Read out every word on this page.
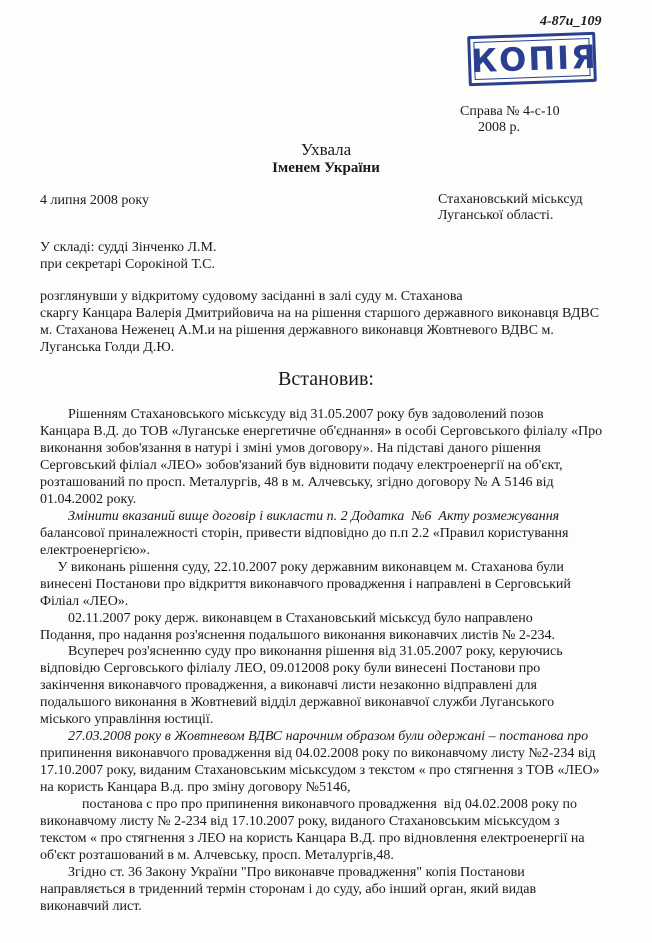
4-87и_109
КОПІЯ
Справа № 4-с-10
2008 р.
Ухвала
Іменем України
4 липня 2008 року	Стахановський міськсуд
Луганської області.
У складі: судді Зінченко Л.М.
при секретарі Сорокіной Т.С.
розглянувши у відкритому судовому засіданні в залі суду м. Стаханова
скаргу Канцара Валерія Дмитрийовича на на рішення старшого державного виконавця ВДВС
м. Стаханова Неженец А.М.и на рішення державного виконавця Жовтневого ВДВС м.
Луганська Голди Д.Ю.
Встановив:
Рішенням Стахановського міськсуду від 31.05.2007 року був задоволений позов
Канцара В.Д. до ТОВ «Луганське енергетичне об'єднання» в особі Серговського філіалу «Про
виконання зобов'язання в натурі і зміні умов договору». На підставі даного рішення
Серговський філіал «ЛЕО» зобов'язаний був відновити подачу електроенергії на об'єкт,
розташований по просп. Металургів, 48 в м. Алчевську, згідно договору № А 5146 від
01.04.2002 року.
Змінити вказаний вище договір і викласти п. 2 Додатка  №6  Акту розмежування
балансової приналежності сторін, привести відповідно до п.п 2.2 «Правил користування
електроенергією».
У виконань рішення суду, 22.10.2007 року державним виконавцем м. Стаханова були
винесені Постанови про відкриття виконавчого провадження і направлені в Серговський
Філіал «ЛЕО».
02.11.2007 року держ. виконавцем в Стахановський міськсуд було направлено
Подання, про надання роз'яснення подальшого виконання виконавчих листів № 2-234.
Всупереч роз'ясненню суду про виконання рішення від 31.05.2007 року, керуючись
відповідю Серговського філіалу ЛЕО, 09.012008 року були винесені Постанови про
закінчення виконавчого провадження, а виконавчі листи незаконно відправлені для
подальшого виконання в Жовтневий відділ державної виконавчої служби Луганського
міського управління юстиції.
27.03.2008 року в Жовтневом ВДВС нарочним образом були одержані – постанова про
припинення виконавчого провадження від 04.02.2008 року по виконавчому листу №2-234 від
17.10.2007 року, виданим Стахановським міськсудом з текстом « про стягнення з ТОВ «ЛЕО»
на користь Канцара В.д. про зміну договору №5146,
постанова с про про припинення виконавчого провадження  від 04.02.2008 року по
виконавчому листу № 2-234 від 17.10.2007 року, виданого Стахановським міськсудом з
текстом « про стягнення з ЛЕО на користь Канцара В.Д. про відновлення електроенергії на
об'єкт розташований в м. Алчевську, просп. Металургів,48.
Згідно ст. 36 Закону України "Про виконавче провадження" копія Постанови
направляється в триденний термін сторонам і до суду, або інший орган, який видав
виконавчий лист.
